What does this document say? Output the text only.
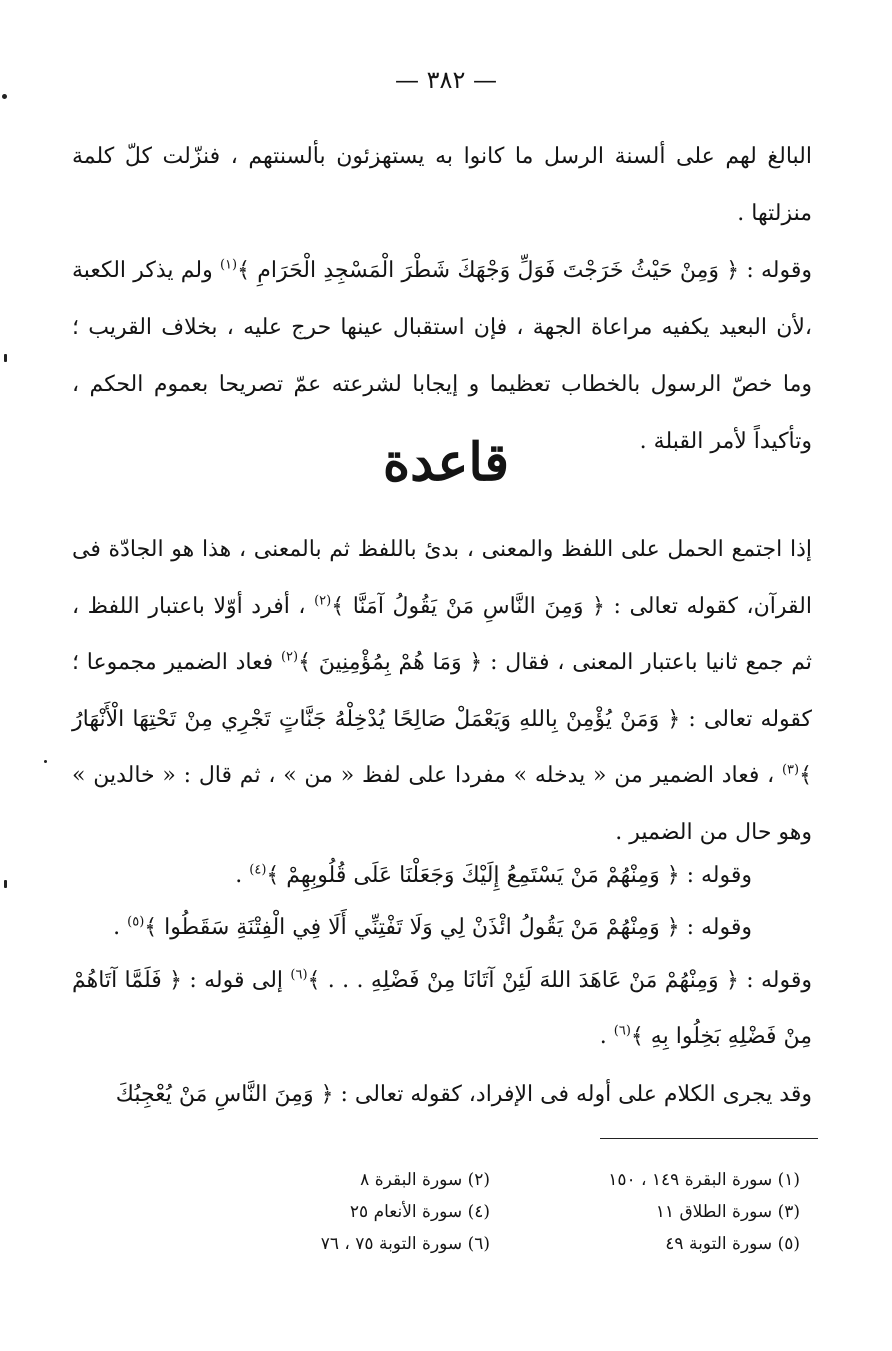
— ٣٨٢ —
البالغ لهم على ألسنة الرسل ما كانوا به يستهزئون بألسنتهم ، فنزّلت كلّ كلمة منزلتها .
وقوله : ﴿ وَمِنْ حَيْثُ خَرَجْتَ فَوَلِّ وَجْهَكَ شَطْرَ الْمَسْجِدِ الْحَرَامِ ﴾$^{(١)}$ ولم يذكر الكعبة ،لأن البعيد يكفيه مراعاة الجهة ، فإن استقبال عينها حرج عليه ، بخلاف القريب ؛ وما خصّ الرسول بالخطاب تعظيما و إيجابا لشرعته عمّ تصريحا بعموم الحكم ، وتأكيداً لأمر القبلة .
قاعدة
إذا اجتمع الحمل على اللفظ والمعنى ، بدئ باللفظ ثم بالمعنى ، هذا هو الجادّة فى القرآن، كقوله تعالى : ﴿ وَمِنَ النَّاسِ مَنْ يَقُولُ آمَنَّا ﴾$^{(٢)}$ ، أفرد أوّلا باعتبار اللفظ ، ثم جمع ثانيا باعتبار المعنى ، فقال : ﴿ وَمَا هُمْ بِمُؤْمِنِينَ ﴾$^{(٢)}$ فعاد الضمير مجموعا ؛ كقوله تعالى : ﴿ وَمَنْ يُؤْمِنْ بِاللهِ وَيَعْمَلْ صَالِحًا يُدْخِلْهُ جَنَّاتٍ تَجْرِي مِنْ تَحْتِهَا الْأَنْهَارُ ﴾$^{(٣)}$ ، فعاد الضمير من « يدخله » مفردا على لفظ « من » ، ثم قال : « خالدين » وهو حال من الضمير .
وقوله : ﴿ وَمِنْهُمْ مَنْ يَسْتَمِعُ إِلَيْكَ وَجَعَلْنَا عَلَى قُلُوبِهِمْ ﴾$^{(٤)}$ .
وقوله : ﴿ وَمِنْهُمْ مَنْ يَقُولُ ائْذَنْ لِي وَلَا تَفْتِنِّي أَلَا فِي الْفِتْنَةِ سَقَطُوا ﴾$^{(٥)}$ .
وقوله : ﴿ وَمِنْهُمْ مَنْ عَاهَدَ اللهَ لَئِنْ آتَانَا مِنْ فَضْلِهِ . . . ﴾$^{(٦)}$ إلى قوله : ﴿ فَلَمَّا آتَاهُمْ مِنْ فَضْلِهِ بَخِلُوا بِهِ ﴾$^{(٦)}$ .
وقد يجرى الكلام على أوله فى الإفراد، كقوله تعالى : ﴿ وَمِنَ النَّاسِ مَنْ يُعْجِبُكَ
(١) سورة البقرة ١٤٩ ، ١٥٠
(٢) سورة البقرة ٨
(٣) سورة الطلاق ١١
(٤) سورة الأنعام ٢٥
(٥) سورة التوبة ٤٩
(٦) سورة التوبة ٧٥ ، ٧٦
